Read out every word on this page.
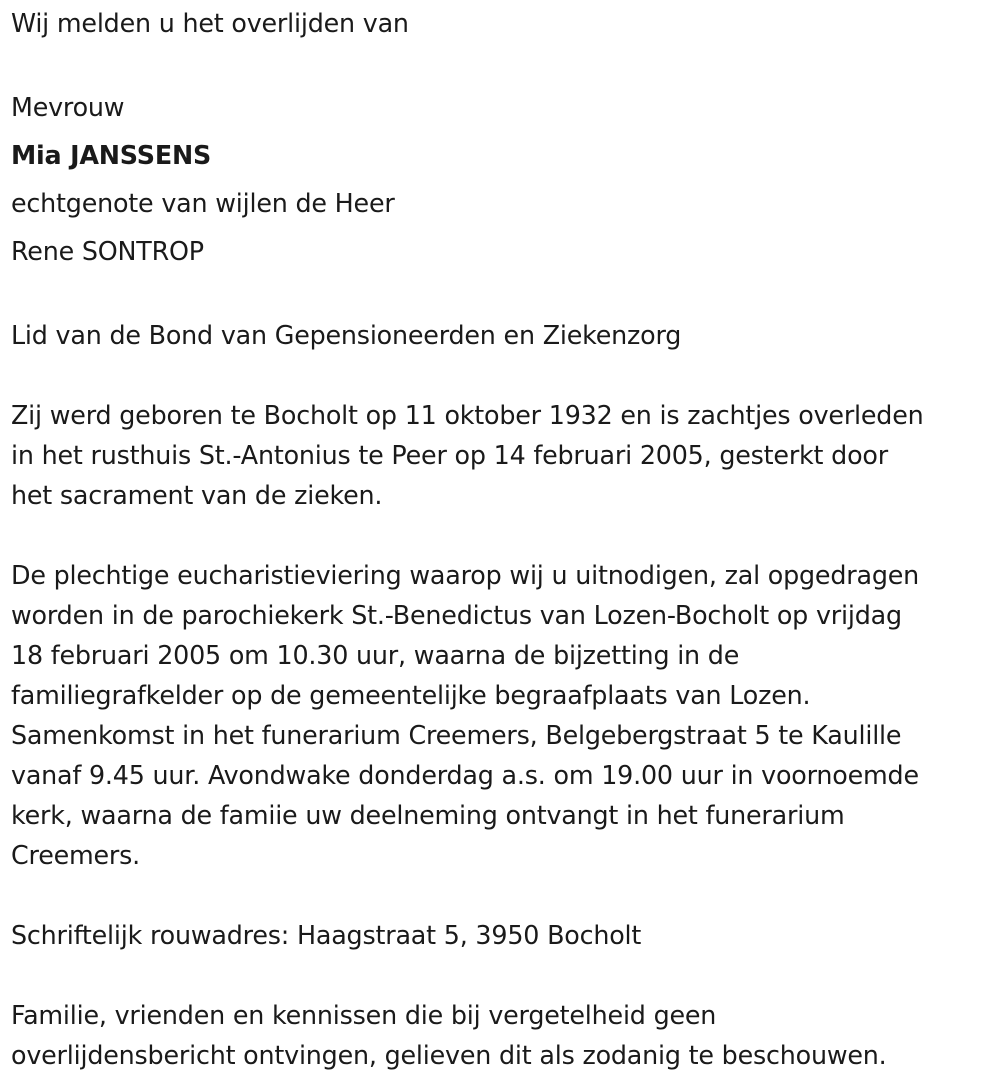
Wij melden u het overlijden van

Mevrouw

Mia JANSSENS

echtgenote van wijlen de Heer

Rene SONTROP

Lid van de Bond van Gepensioneerden en Ziekenzorg

Zij werd geboren te Bocholt op 11 oktober 1932 en is zachtjes overleden

in het rusthuis St.-Antonius te Peer op 14 februari 2005, gesterkt door

het sacrament van de zieken.

De plechtige eucharistieviering waarop wij u uitnodigen, zal opgedragen

worden in de parochiekerk St.-Benedictus van Lozen-Bocholt op vrijdag

18 februari 2005 om 10.30 uur, waarna de bijzetting in de

familiegrafkelder op de gemeentelijke begraafplaats van Lozen.

Samenkomst in het funerarium Creemers, Belgebergstraat 5 te Kaulille

vanaf 9.45 uur. Avondwake donderdag a.s. om 19.00 uur in voornoemde

kerk, waarna de famiie uw deelneming ontvangt in het funerarium

Creemers.

Schriftelijk rouwadres: Haagstraat 5, 3950 Bocholt

Familie, vrienden en kennissen die bij vergetelheid geen

overlijdensbericht ontvingen, gelieven dit als zodanig te beschouwen.
